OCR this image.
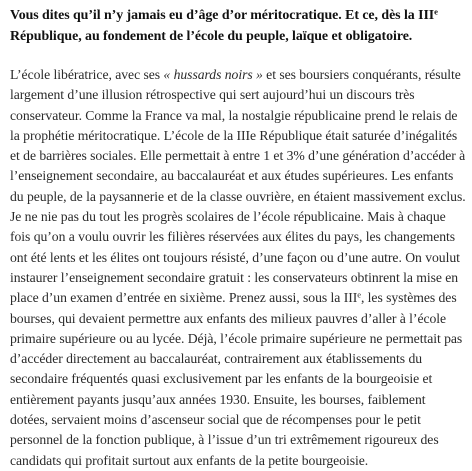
Vous dites qu’il n’y jamais eu d’âge d’or méritocratique. Et ce, dès la IIIe République, au fondement de l’école du peuple, laïque et obligatoire.

L’école libératrice, avec ses « hussards noirs » et ses boursiers conquérants, résulte largement d’une illusion rétrospective qui sert aujourd’hui un discours très conservateur. Comme la France va mal, la nostalgie républicaine prend le relais de la prophétie méritocratique. L’école de la IIIe République était saturée d’inégalités et de barrières sociales. Elle permettait à entre 1 et 3% d’une génération d’accéder à l’enseignement secondaire, au baccalauréat et aux études supérieures. Les enfants du peuple, de la paysannerie et de la classe ouvrière, en étaient massivement exclus. Je ne nie pas du tout les progrès scolaires de l’école républicaine. Mais à chaque fois qu’on a voulu ouvrir les filières réservées aux élites du pays, les changements ont été lents et les élites ont toujours résisté, d’une façon ou d’une autre. On voulut instaurer l’enseignement secondaire gratuit : les conservateurs obtinrent la mise en place d’un examen d’entrée en sixième. Prenez aussi, sous la IIIe, les systèmes des bourses, qui devaient permettre aux enfants des milieux pauvres d’aller à l’école primaire supérieure ou au lycée. Déjà, l’école primaire supérieure ne permettait pas d’accéder directement au baccalauréat, contrairement aux établissements du secondaire fréquentés quasi exclusivement par les enfants de la bourgeoisie et entièrement payants jusqu’aux années 1930. Ensuite, les bourses, faiblement dotées, servaient moins d’ascenseur social que de récompenses pour le petit personnel de la fonction publique, à l’issue d’un tri extrêmement rigoureux des candidats qui profitait surtout aux enfants de la petite bourgeoisie.
